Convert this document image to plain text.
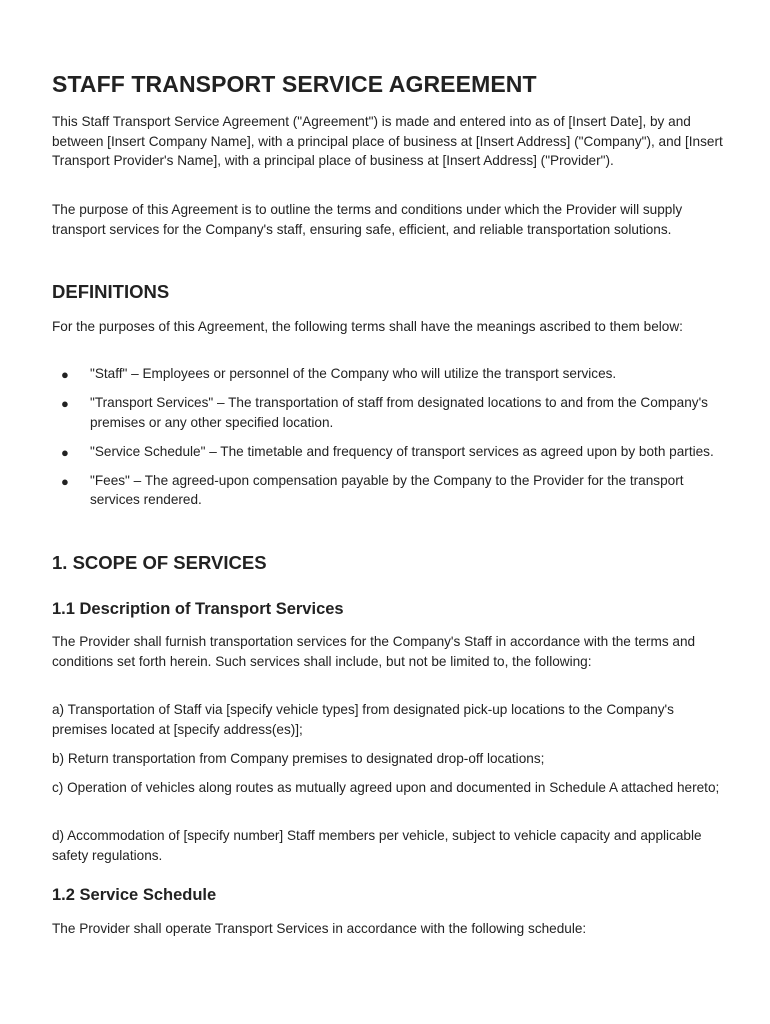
STAFF TRANSPORT SERVICE AGREEMENT

This Staff Transport Service Agreement ("Agreement") is made and entered into as of [Insert Date], by and between [Insert Company Name], with a principal place of business at [Insert Address] ("Company"), and [Insert Transport Provider's Name], with a principal place of business at [Insert Address] ("Provider").

The purpose of this Agreement is to outline the terms and conditions under which the Provider will supply transport services for the Company's staff, ensuring safe, efficient, and reliable transportation solutions.

DEFINITIONS

For the purposes of this Agreement, the following terms shall have the meanings ascribed to them below:

● "Staff" – Employees or personnel of the Company who will utilize the transport services.
● "Transport Services" – The transportation of staff from designated locations to and from the Company's premises or any other specified location.
● "Service Schedule" – The timetable and frequency of transport services as agreed upon by both parties.
● "Fees" – The agreed-upon compensation payable by the Company to the Provider for the transport services rendered.
1. SCOPE OF SERVICES
1.1 Description of Transport Services

The Provider shall furnish transportation services for the Company's Staff in accordance with the terms and conditions set forth herein. Such services shall include, but not be limited to, the following:

a) Transportation of Staff via [specify vehicle types] from designated pick-up locations to the Company's premises located at [specify address(es)];

b) Return transportation from Company premises to designated drop-off locations;

c) Operation of vehicles along routes as mutually agreed upon and documented in Schedule A attached hereto;

d) Accommodation of [specify number] Staff members per vehicle, subject to vehicle capacity and applicable safety regulations.

1.2 Service Schedule

The Provider shall operate Transport Services in accordance with the following schedule:
